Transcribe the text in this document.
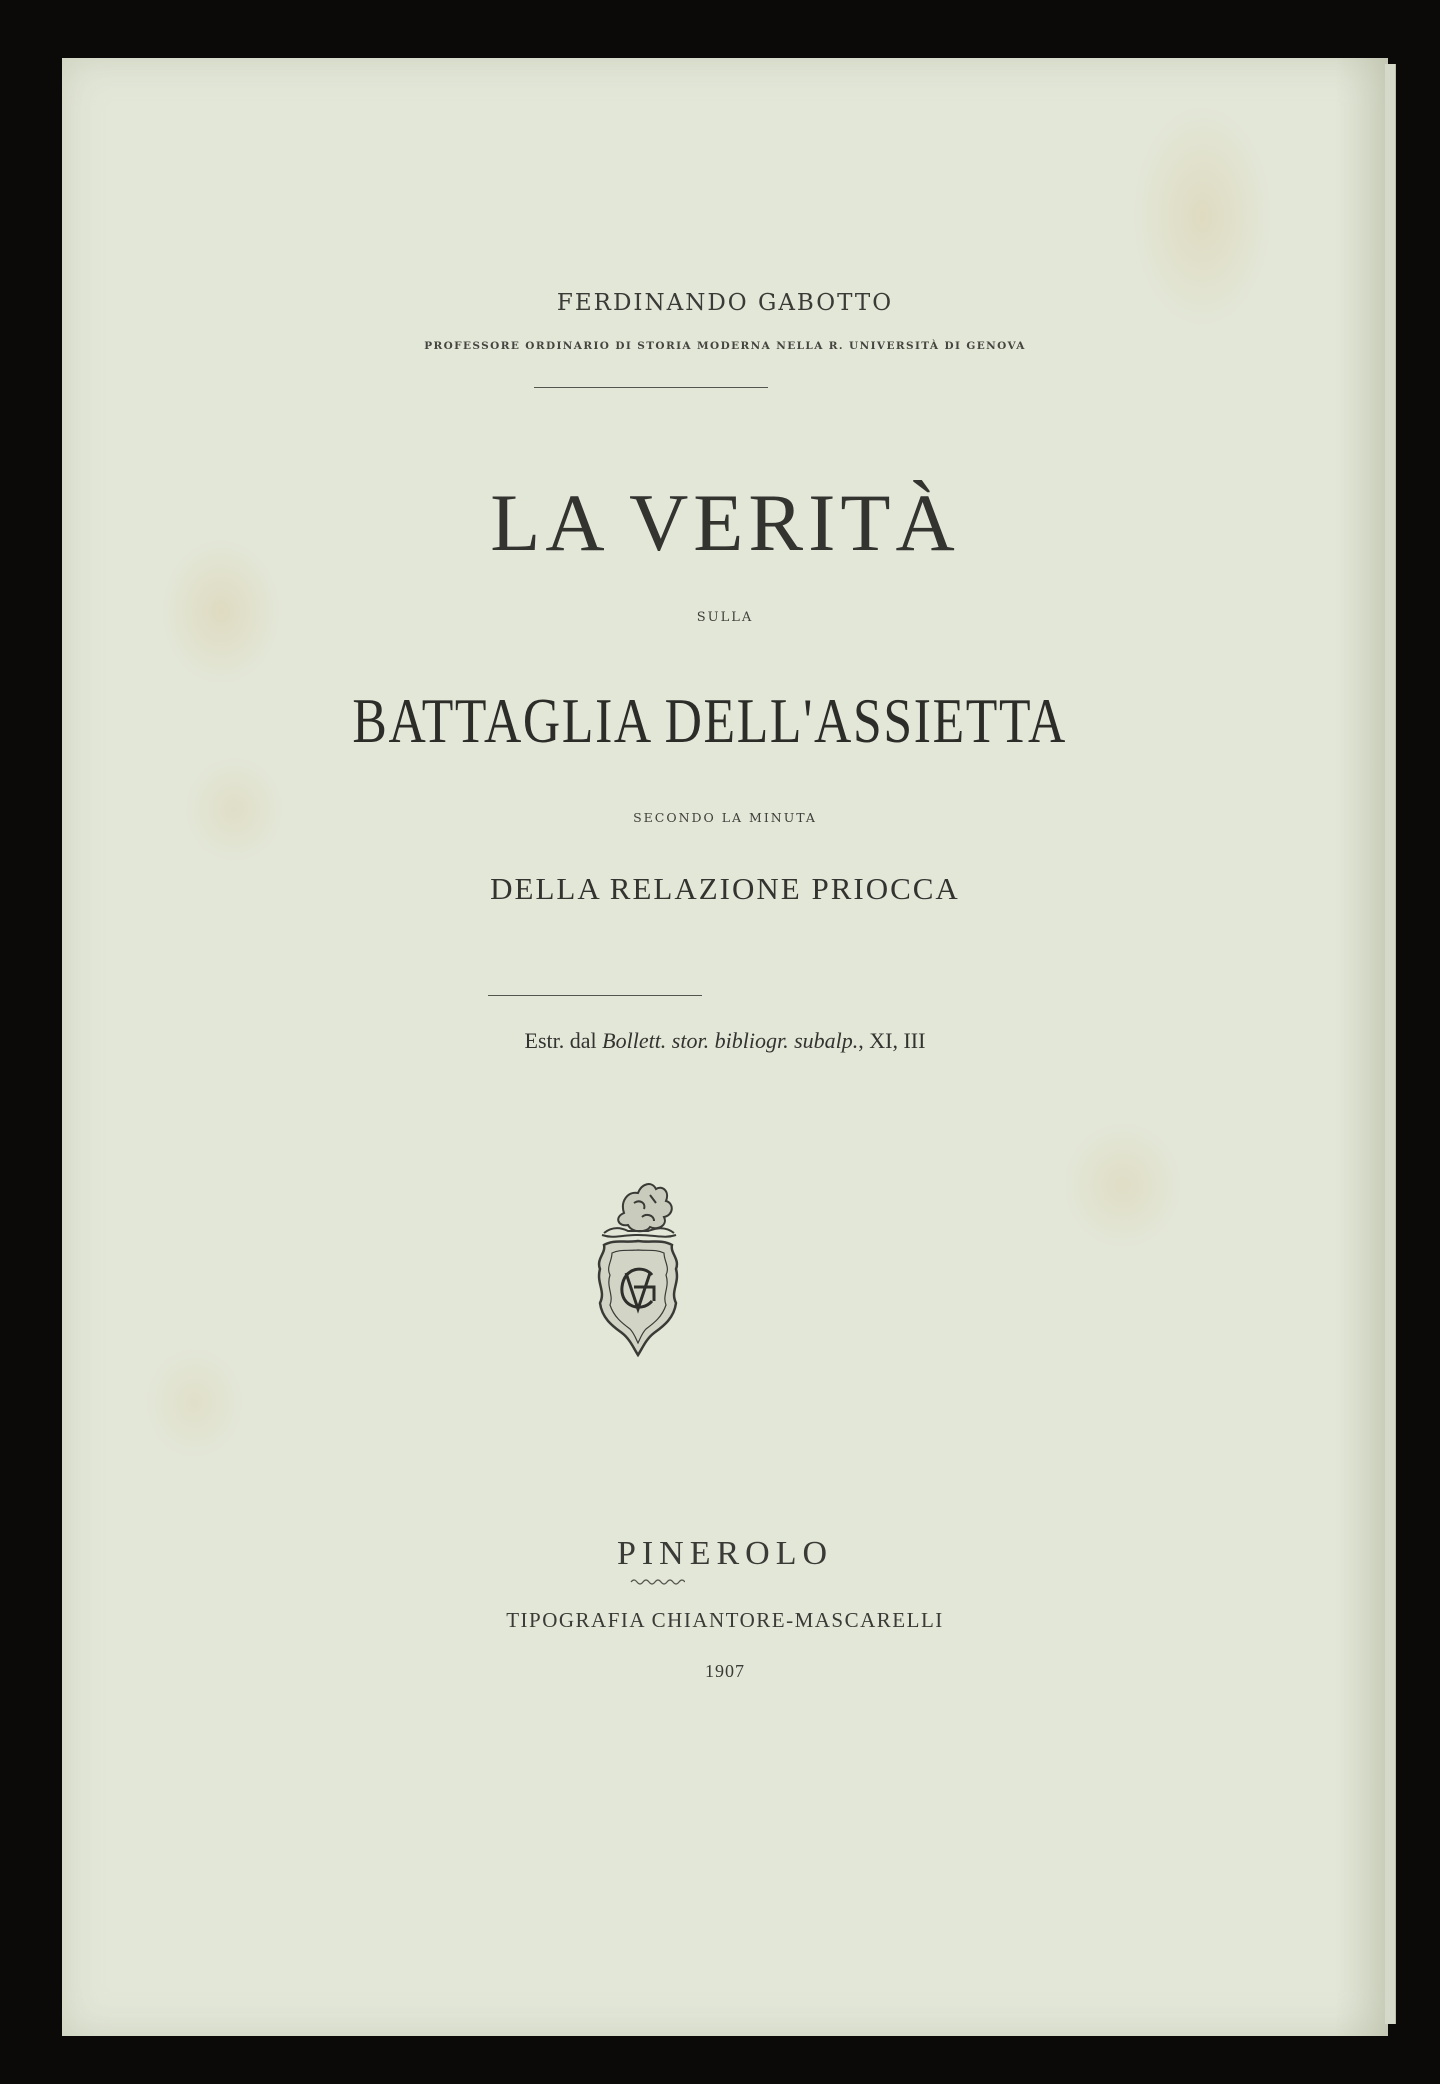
FERDINANDO GABOTTO
PROFESSORE ORDINARIO DI STORIA MODERNA NELLA R. UNIVERSITÀ DI GENOVA
LA VERITÀ
SULLA
BATTAGLIA DELL'ASSIETTA
SECONDO LA MINUTA
DELLA RELAZIONE PRIOCCA
Estr. dal Bollett. stor. bibliogr. subalp., XI, III
PINEROLO
TIPOGRAFIA CHIANTORE-MASCARELLI
1907
